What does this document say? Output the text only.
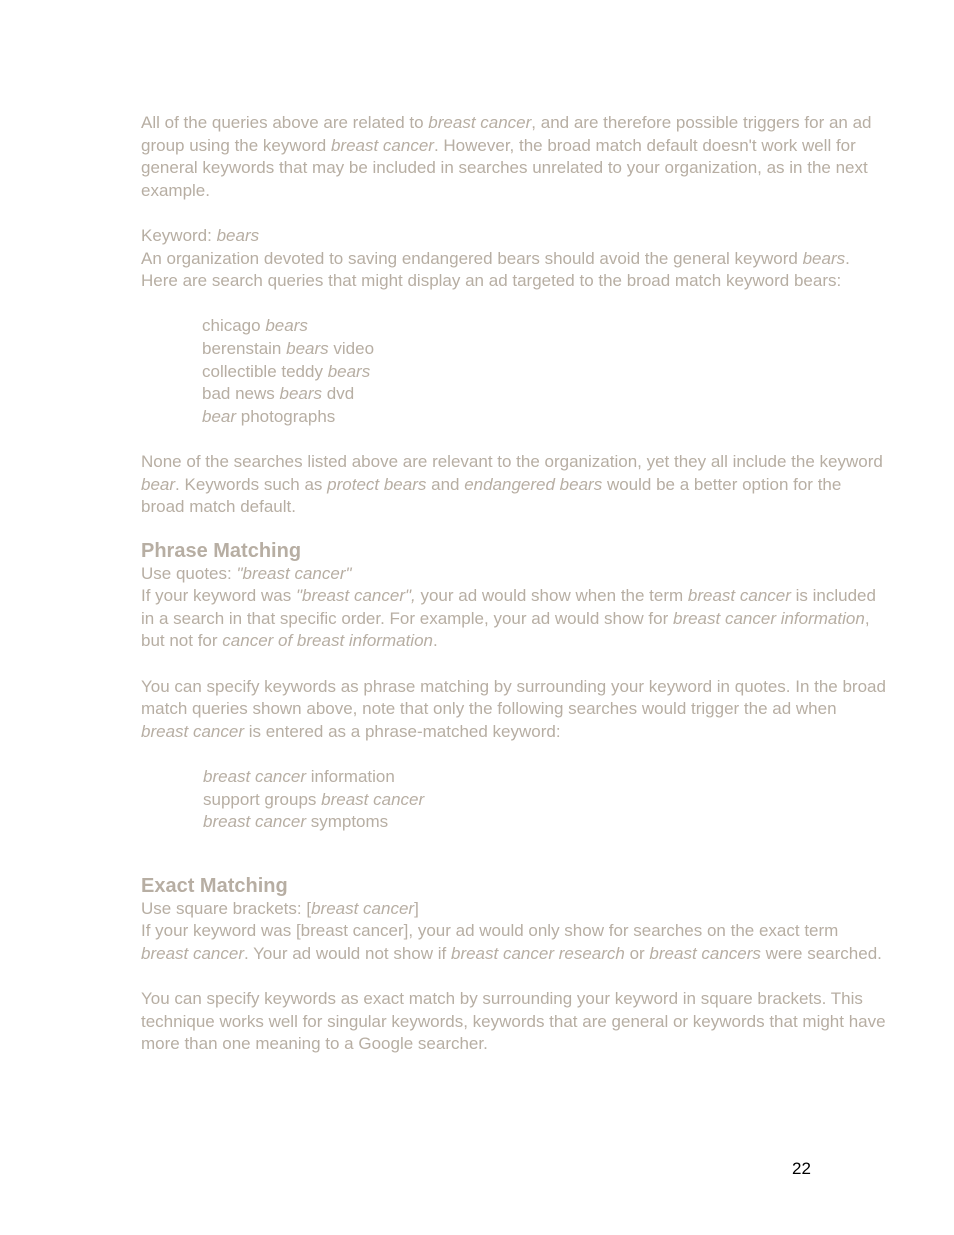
All of the queries above are related to breast cancer, and are therefore possible triggers for an ad group using the keyword breast cancer. However, the broad match default doesn't work well for general keywords that may be included in searches unrelated to your organization, as in the next example.

Keyword: bears

An organization devoted to saving endangered bears should avoid the general keyword bears. Here are search queries that might display an ad targeted to the broad match keyword bears:

chicago bears

berenstain bears video

collectible teddy bears

bad news bears dvd

bear photographs

None of the searches listed above are relevant to the organization, yet they all include the keyword bear. Keywords such as protect bears and endangered bears would be a better option for the broad match default.

Phrase Matching

Use quotes: "breast cancer"

If your keyword was "breast cancer", your ad would show when the term breast cancer is included in a search in that specific order. For example, your ad would show for breast cancer information, but not for cancer of breast information.

You can specify keywords as phrase matching by surrounding your keyword in quotes. In the broad match queries shown above, note that only the following searches would trigger the ad when breast cancer is entered as a phrase-matched keyword:

breast cancer information

support groups breast cancer

breast cancer symptoms

Exact Matching

Use square brackets: [breast cancer]

If your keyword was [breast cancer], your ad would only show for searches on the exact term breast cancer. Your ad would not show if breast cancer research or breast cancers were searched.

You can specify keywords as exact match by surrounding your keyword in square brackets. This technique works well for singular keywords, keywords that are general or keywords that might have more than one meaning to a Google searcher.

22
